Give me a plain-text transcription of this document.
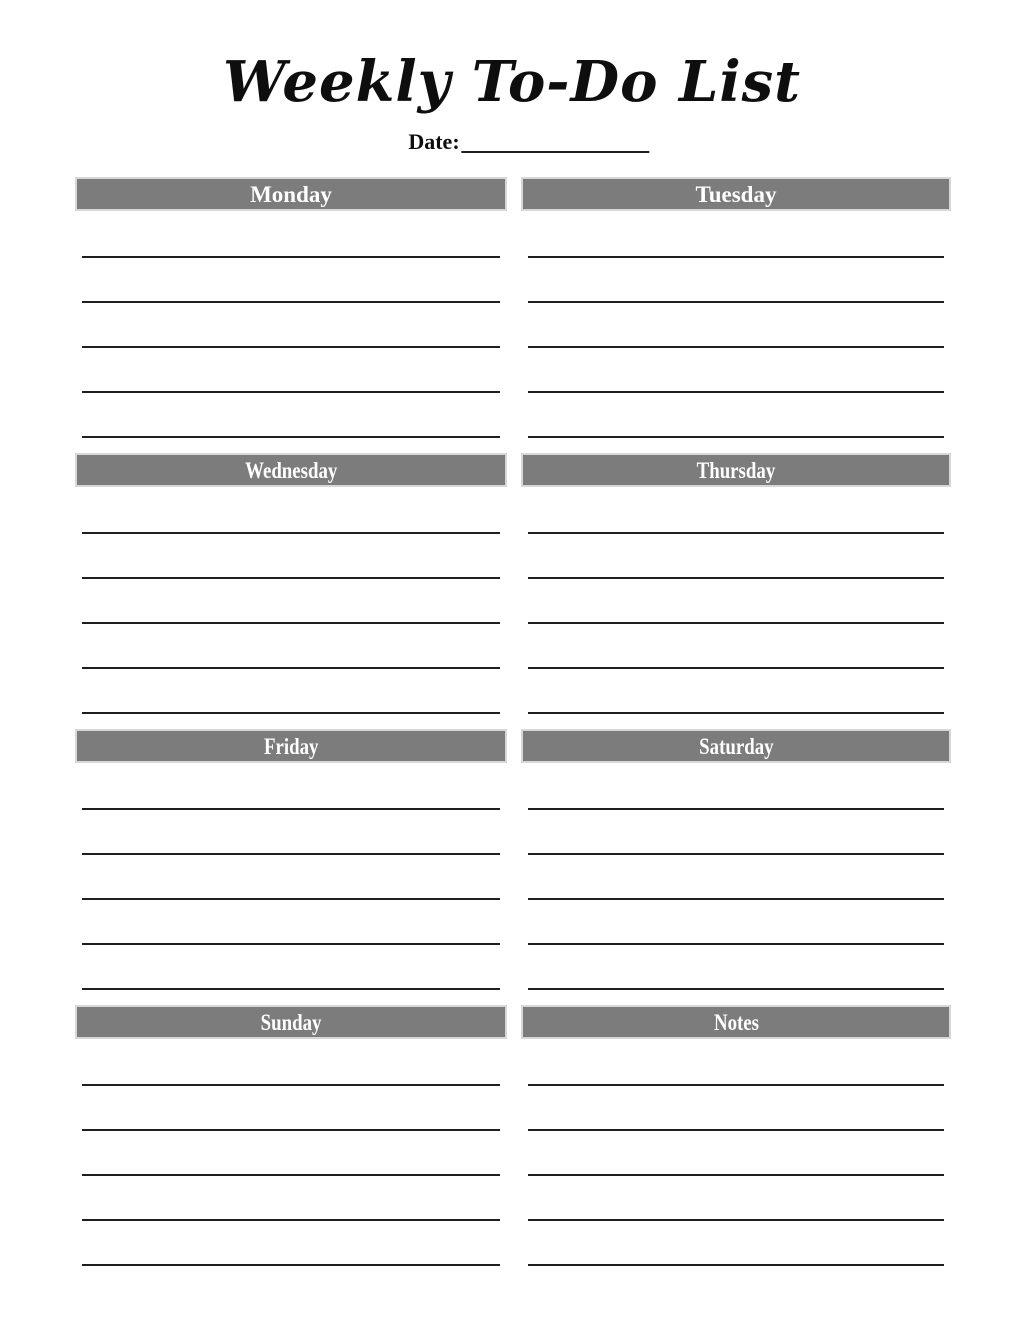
Weekly To-Do List
Date:
Monday	Tuesday
Wednesday	Thursday
Friday	Saturday
Sunday	Notes
